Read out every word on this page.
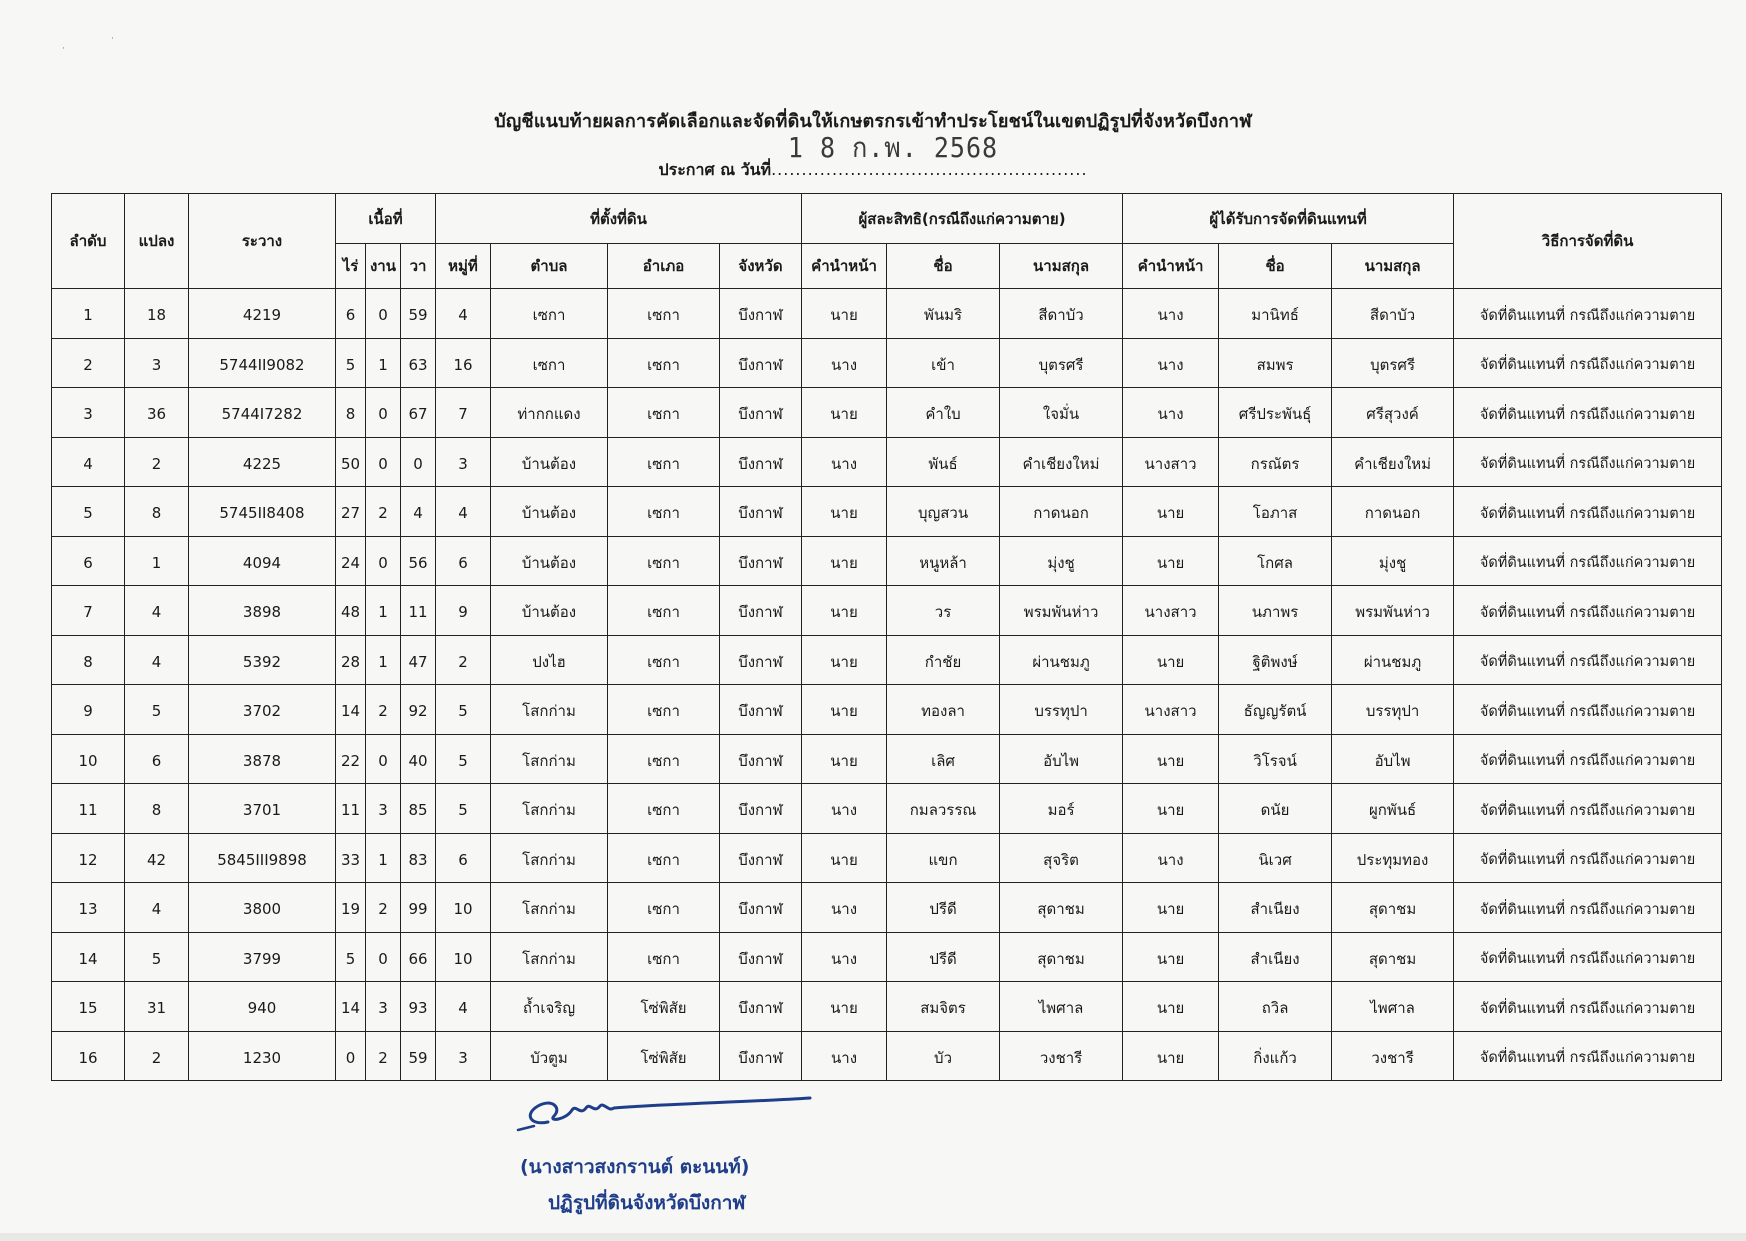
·
·
บัญชีแนบท้ายผลการคัดเลือกและจัดที่ดินให้เกษตรกรเข้าทำประโยชน์ในเขตปฏิรูปที่จังหวัดบึงกาฬ
1 8 ก.พ. 2568
ประกาศ ณ วันที่....................................................
ลำดับ	แปลง	ระวาง	เนื้อที่			ที่ตั้งที่ดิน				ผู้สละสิทธิ(กรณีถึงแก่ความตาย)			ผู้ได้รับการจัดที่ดินแทนที่			วิธีการจัดที่ดิน
			ไร่	งาน	วา	หมู่ที่	ตำบล	อำเภอ	จังหวัด	คำนำหน้า	ชื่อ	นามสกุล	คำนำหน้า	ชื่อ	นามสกุล	
1	18	4219	6	0	59	4	เซกา	เซกา	บึงกาฬ	นาย	พันมริ	สีดาบัว	นาง	มานิทธ์	สีดาบัว	จัดที่ดินแทนที่ กรณีถึงแก่ความตาย
2	3	5744II9082	5	1	63	16	เซกา	เซกา	บึงกาฬ	นาง	เข้า	บุตรศรี	นาง	สมพร	บุตรศรี	จัดที่ดินแทนที่ กรณีถึงแก่ความตาย
3	36	5744I7282	8	0	67	7	ท่ากกแดง	เซกา	บึงกาฬ	นาย	คำใบ	ใจมั่น	นาง	ศรีประพันธุ์	ศรีสุวงค์	จัดที่ดินแทนที่ กรณีถึงแก่ความตาย
4	2	4225	50	0	0	3	บ้านต้อง	เซกา	บึงกาฬ	นาง	พันธ์	คำเชียงใหม่	นางสาว	กรณัตร	คำเชียงใหม่	จัดที่ดินแทนที่ กรณีถึงแก่ความตาย
5	8	5745II8408	27	2	4	4	บ้านต้อง	เซกา	บึงกาฬ	นาย	บุญสวน	กาดนอก	นาย	โอภาส	กาดนอก	จัดที่ดินแทนที่ กรณีถึงแก่ความตาย
6	1	4094	24	0	56	6	บ้านต้อง	เซกา	บึงกาฬ	นาย	หนูหล้า	มุ่งชู	นาย	โกศล	มุ่งชู	จัดที่ดินแทนที่ กรณีถึงแก่ความตาย
7	4	3898	48	1	11	9	บ้านต้อง	เซกา	บึงกาฬ	นาย	วร	พรมพันห่าว	นางสาว	นภาพร	พรมพันห่าว	จัดที่ดินแทนที่ กรณีถึงแก่ความตาย
8	4	5392	28	1	47	2	ปงไฮ	เซกา	บึงกาฬ	นาย	กำชัย	ผ่านชมภู	นาย	ฐิติพงษ์	ผ่านชมภู	จัดที่ดินแทนที่ กรณีถึงแก่ความตาย
9	5	3702	14	2	92	5	โสกก่าม	เซกา	บึงกาฬ	นาย	ทองลา	บรรทุปา	นางสาว	ธัญญรัตน์	บรรทุปา	จัดที่ดินแทนที่ กรณีถึงแก่ความตาย
10	6	3878	22	0	40	5	โสกก่าม	เซกา	บึงกาฬ	นาย	เลิศ	อับไพ	นาย	วิโรจน์	อับไพ	จัดที่ดินแทนที่ กรณีถึงแก่ความตาย
11	8	3701	11	3	85	5	โสกก่าม	เซกา	บึงกาฬ	นาง	กมลวรรณ	มอร์	นาย	ดนัย	ผูกพันธ์	จัดที่ดินแทนที่ กรณีถึงแก่ความตาย
12	42	5845III9898	33	1	83	6	โสกก่าม	เซกา	บึงกาฬ	นาย	แขก	สุจริต	นาง	นิเวศ	ประทุมทอง	จัดที่ดินแทนที่ กรณีถึงแก่ความตาย
13	4	3800	19	2	99	10	โสกก่าม	เซกา	บึงกาฬ	นาง	ปรีดี	สุดาชม	นาย	สำเนียง	สุดาชม	จัดที่ดินแทนที่ กรณีถึงแก่ความตาย
14	5	3799	5	0	66	10	โสกก่าม	เซกา	บึงกาฬ	นาง	ปรีดี	สุดาชม	นาย	สำเนียง	สุดาชม	จัดที่ดินแทนที่ กรณีถึงแก่ความตาย
15	31	940	14	3	93	4	ถ้ำเจริญ	โซ่พิสัย	บึงกาฬ	นาย	สมจิตร	ไพศาล	นาย	ถวิล	ไพศาล	จัดที่ดินแทนที่ กรณีถึงแก่ความตาย
16	2	1230	0	2	59	3	บัวตูม	โซ่พิสัย	บึงกาฬ	นาง	บัว	วงชารี	นาย	กิ่งแก้ว	วงชารี	จัดที่ดินแทนที่ กรณีถึงแก่ความตาย
(นางสาวสงกรานต์ ตะนนท์)
ปฏิรูปที่ดินจังหวัดบึงกาฬ
